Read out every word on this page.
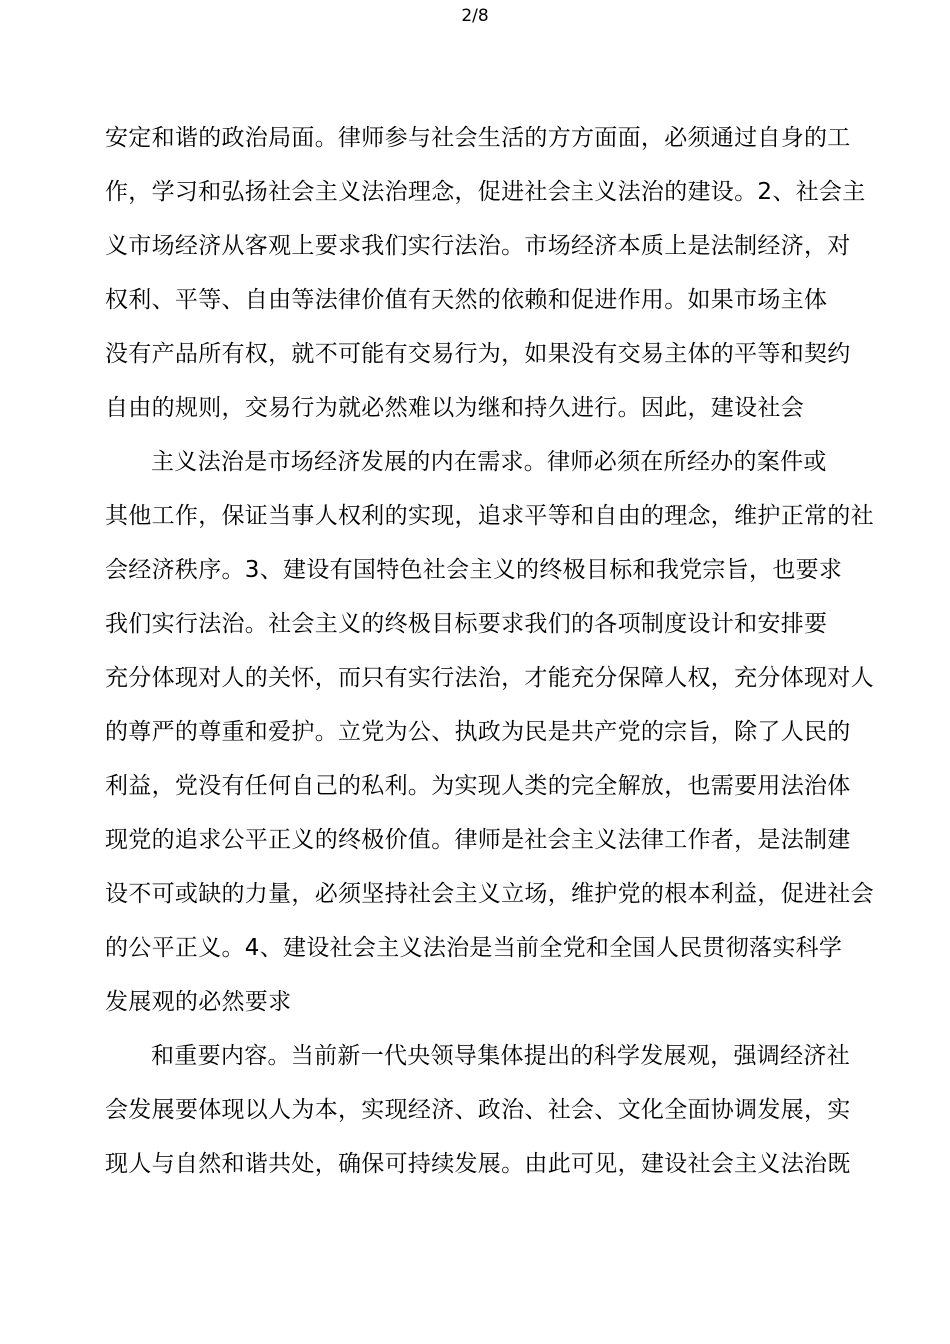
2/8
安定和谐的政治局面。律师参与社会生活的方方面面，必须通过自身的工
作，学习和弘扬社会主义法治理念，促进社会主义法治的建设。2、社会主
义市场经济从客观上要求我们实行法治。市场经济本质上是法制经济，对
权利、平等、自由等法律价值有天然的依赖和促进作用。如果市场主体
没有产品所有权，就不可能有交易行为，如果没有交易主体的平等和契约
自由的规则，交易行为就必然难以为继和持久进行。因此，建设社会
主义法治是市场经济发展的内在需求。律师必须在所经办的案件或
其他工作，保证当事人权利的实现，追求平等和自由的理念，维护正常的社
会经济秩序。3、建设有国特色社会主义的终极目标和我党宗旨，也要求
我们实行法治。社会主义的终极目标要求我们的各项制度设计和安排要
充分体现对人的关怀，而只有实行法治，才能充分保障人权，充分体现对人
的尊严的尊重和爱护。立党为公、执政为民是共产党的宗旨，除了人民的
利益，党没有任何自己的私利。为实现人类的完全解放，也需要用法治体
现党的追求公平正义的终极价值。律师是社会主义法律工作者，是法制建
设不可或缺的力量，必须坚持社会主义立场，维护党的根本利益，促进社会
的公平正义。4、建设社会主义法治是当前全党和全国人民贯彻落实科学
发展观的必然要求
和重要内容。当前新一代央领导集体提出的科学发展观，强调经济社
会发展要体现以人为本，实现经济、政治、社会、文化全面协调发展，实
现人与自然和谐共处，确保可持续发展。由此可见，建设社会主义法治既
